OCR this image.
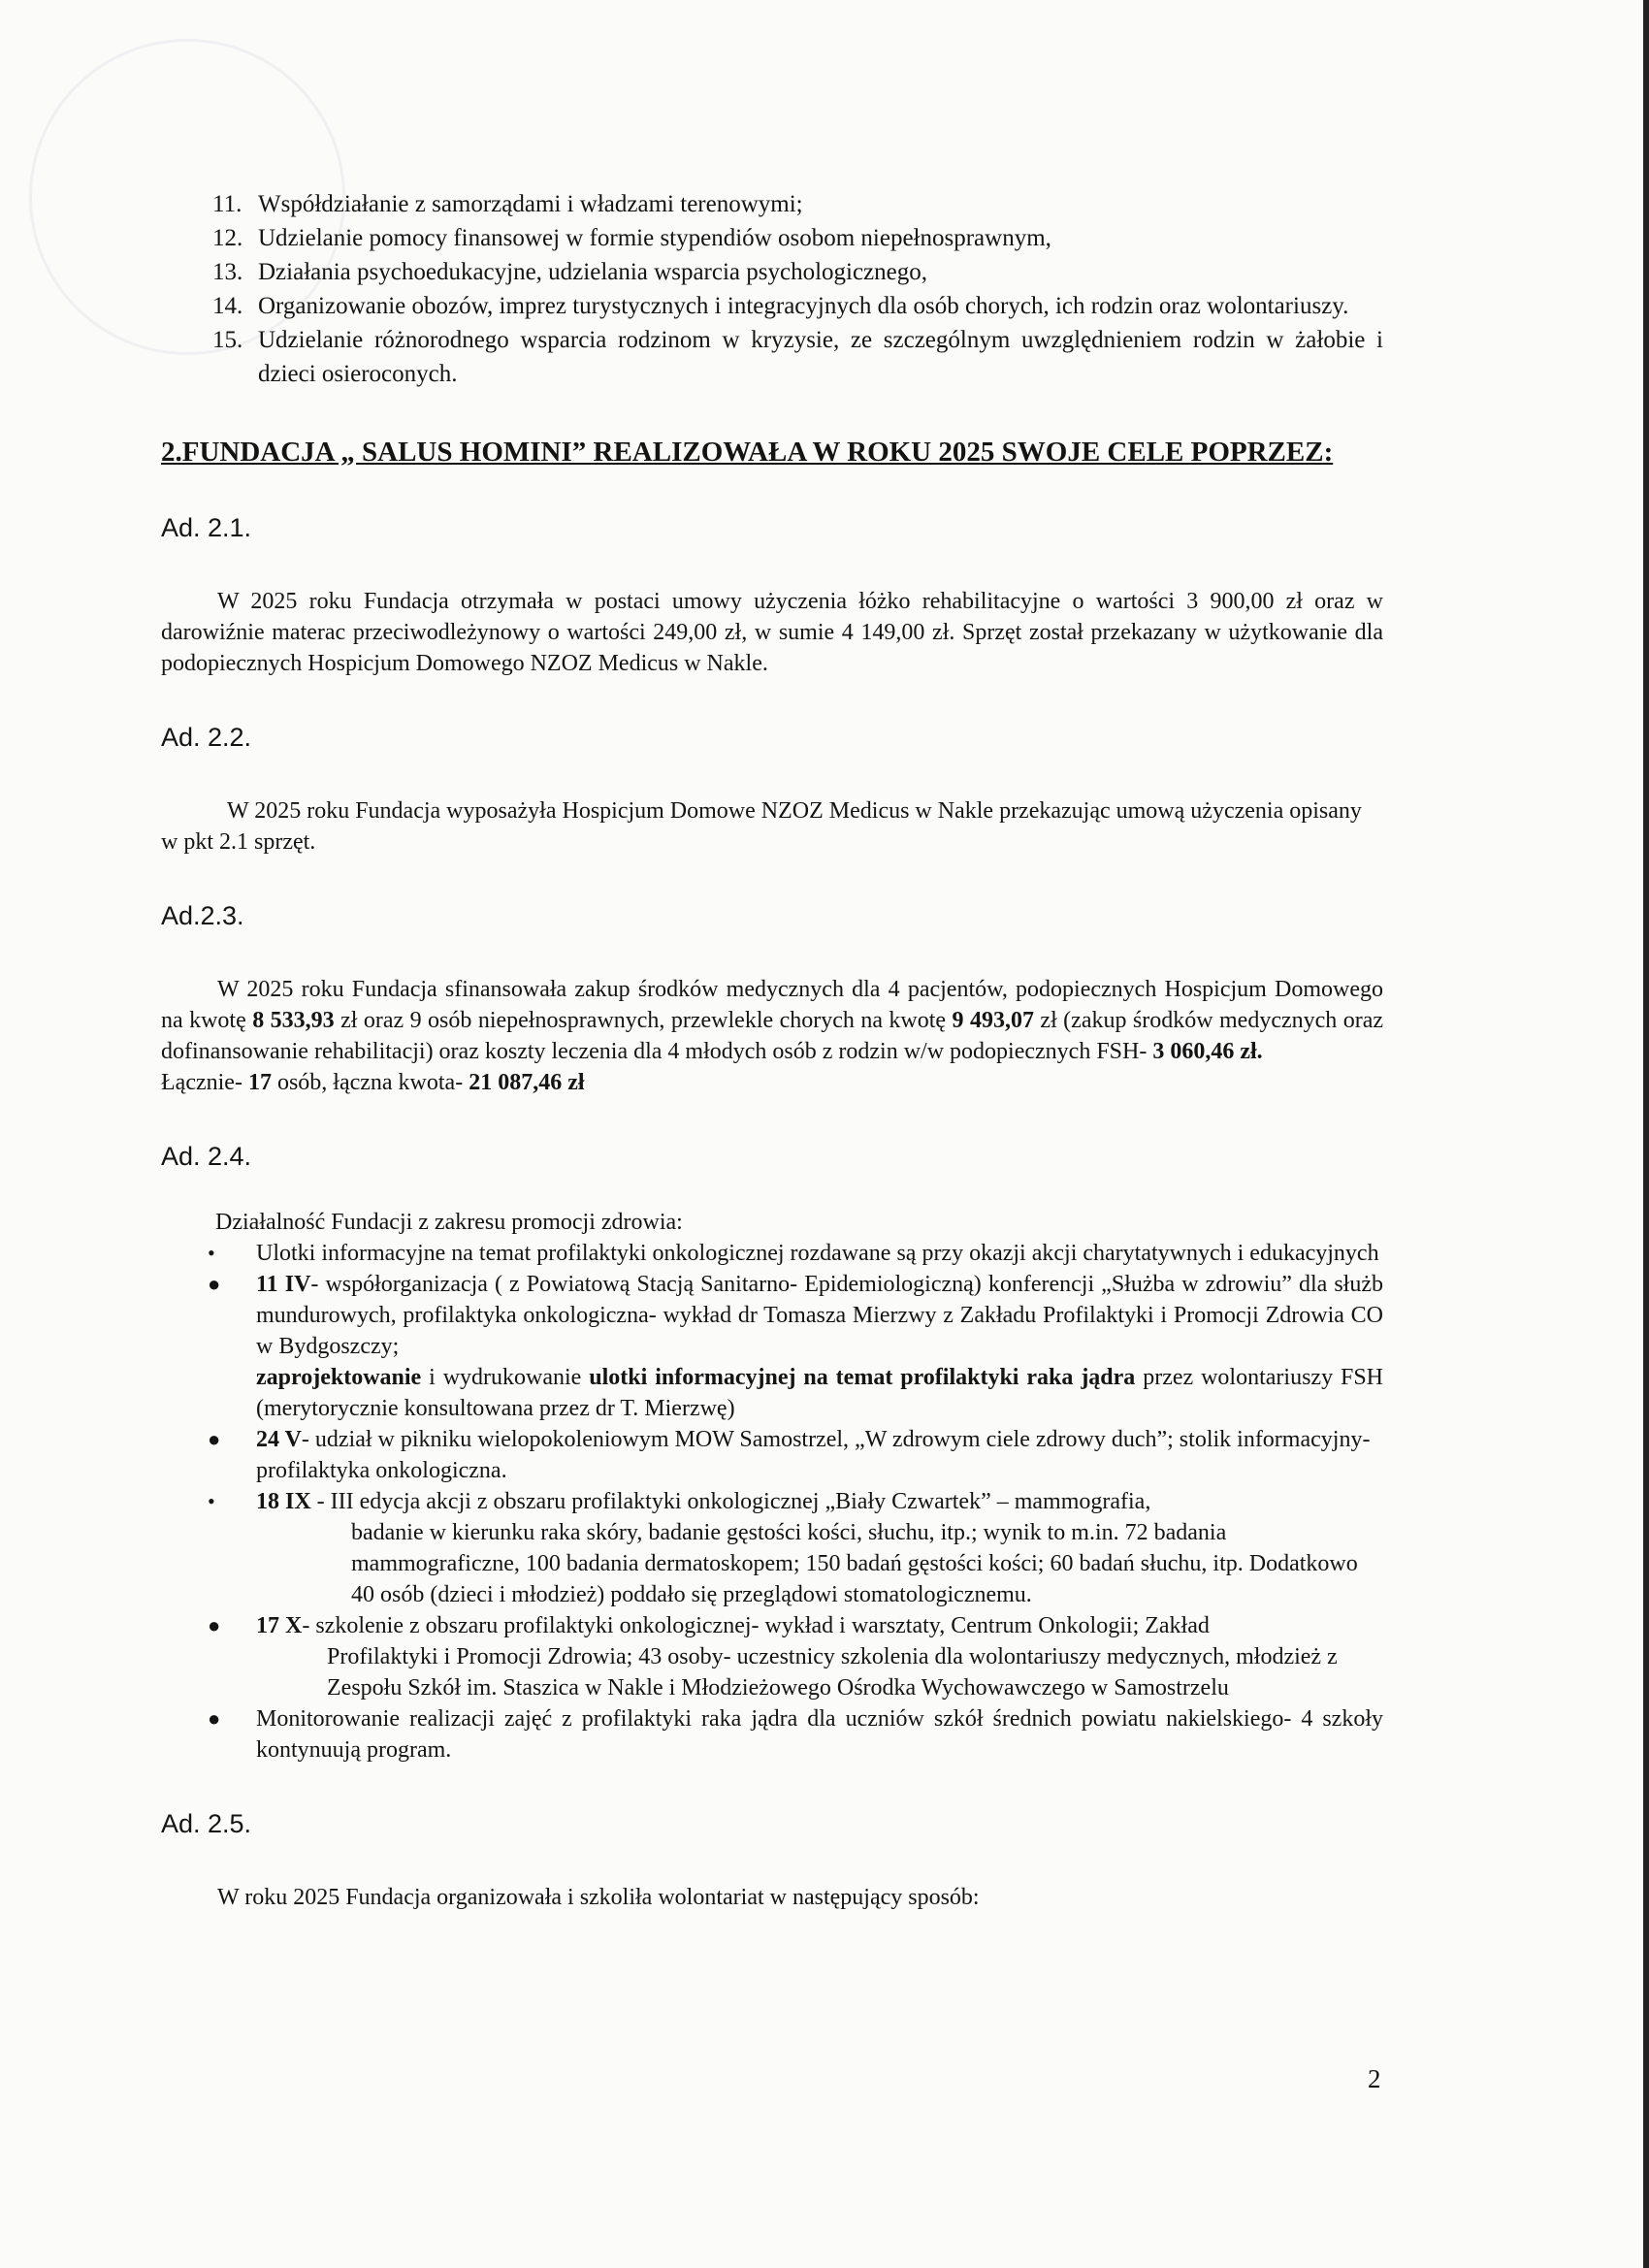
11. Współdziałanie z samorządami i władzami terenowymi;
12. Udzielanie pomocy finansowej w formie stypendiów osobom niepełnosprawnym,
13. Działania psychoedukacyjne, udzielania wsparcia psychologicznego,
14. Organizowanie obozów, imprez turystycznych i integracyjnych dla osób chorych, ich rodzin oraz wolontariuszy.
15. Udzielanie różnorodnego wsparcia rodzinom w kryzysie, ze szczególnym uwzględnieniem rodzin w żałobie i dzieci osieroconych.
2.FUNDACJA „ SALUS HOMINI” REALIZOWAŁA W ROKU 2025 SWOJE CELE POPRZEZ:
Ad. 2.1.
W 2025 roku Fundacja otrzymała w postaci umowy użyczenia łóżko rehabilitacyjne o wartości 3 900,00 zł oraz w darowiźnie materac przeciwodleżynowy o wartości 249,00 zł, w sumie 4 149,00 zł. Sprzęt został przekazany w użytkowanie dla podopiecznych Hospicjum Domowego NZOZ Medicus w Nakle.
Ad. 2.2.
W 2025 roku Fundacja wyposażyła Hospicjum Domowe NZOZ Medicus w Nakle przekazując umową użyczenia opisany w pkt 2.1 sprzęt.
Ad.2.3.
W 2025 roku Fundacja sfinansowała zakup środków medycznych dla 4 pacjentów, podopiecznych Hospicjum Domowego na kwotę 8 533,93 zł oraz 9 osób niepełnosprawnych, przewlekle chorych na kwotę 9 493,07 zł (zakup środków medycznych oraz dofinansowanie rehabilitacji) oraz koszty leczenia dla 4 młodych osób z rodzin w/w podopiecznych FSH- 3 060,46 zł.
Łącznie- 17 osób, łączna kwota- 21 087,46 zł
Ad. 2.4.
Działalność Fundacji z zakresu promocji zdrowia:
• Ulotki informacyjne na temat profilaktyki onkologicznej rozdawane są przy okazji akcji charytatywnych i edukacyjnych
● 11 IV- współorganizacja ( z Powiatową Stacją Sanitarno- Epidemiologiczną) konferencji „Służba w zdrowiu” dla służb mundurowych, profilaktyka onkologiczna- wykład dr Tomasza Mierzwy z Zakładu Profilaktyki i Promocji Zdrowia CO w Bydgoszczy;
zaprojektowanie i wydrukowanie ulotki informacyjnej na temat profilaktyki raka jądra przez wolontariuszy FSH (merytorycznie konsultowana przez dr T. Mierzwę)
● 24 V- udział w pikniku wielopokoleniowym MOW Samostrzel, „W zdrowym ciele zdrowy duch”; stolik informacyjny- profilaktyka onkologiczna.
• 18 IX - III edycja akcji z obszaru profilaktyki onkologicznej „Biały Czwartek” – mammografia,
badanie w kierunku raka skóry, badanie gęstości kości, słuchu, itp.; wynik to m.in. 72 badania mammograficzne, 100 badania dermatoskopem; 150 badań gęstości kości; 60 badań słuchu, itp. Dodatkowo 40 osób (dzieci i młodzież) poddało się przeglądowi stomatologicznemu.
● 17 X- szkolenie z obszaru profilaktyki onkologicznej- wykład i warsztaty, Centrum Onkologii; Zakład
Profilaktyki i Promocji Zdrowia; 43 osoby- uczestnicy szkolenia dla wolontariuszy medycznych, młodzież z Zespołu Szkół im. Staszica w Nakle i Młodzieżowego Ośrodka Wychowawczego w Samostrzelu
● Monitorowanie realizacji zajęć z profilaktyki raka jądra dla uczniów szkół średnich powiatu nakielskiego- 4 szkoły kontynuują program.
Ad. 2.5.
W roku 2025 Fundacja organizowała i szkoliła wolontariat w następujący sposób:
2
